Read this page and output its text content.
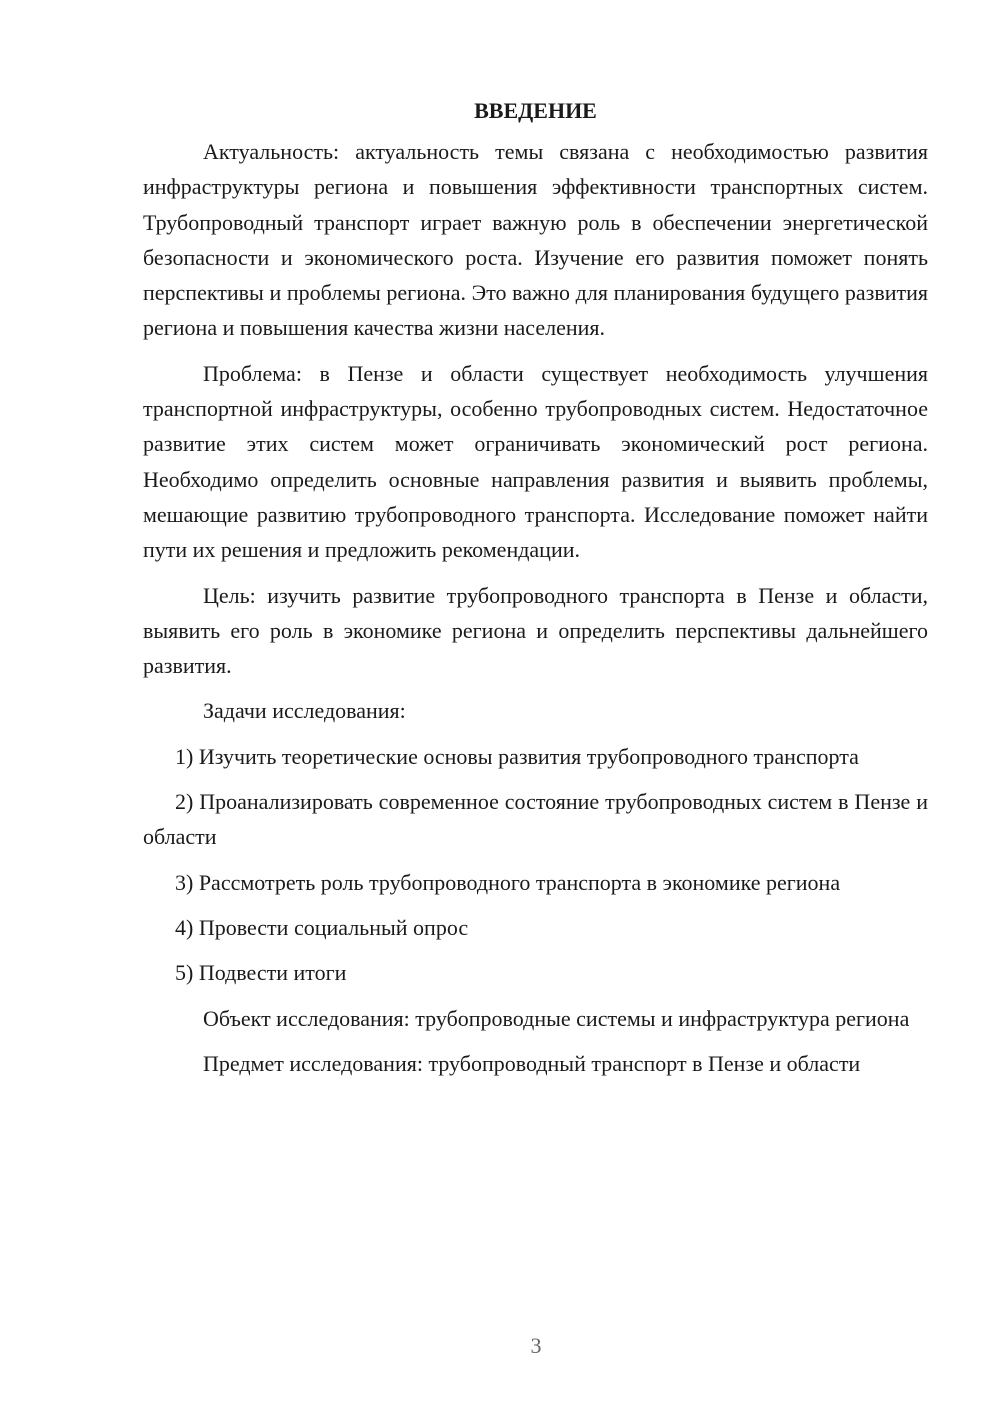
ВВЕДЕНИЕ

Актуальность: актуальность темы связана с необходимостью развития инфраструктуры региона и повышения эффективности транспортных систем. Трубопроводный транспорт играет важную роль в обеспечении энергетической безопасности и экономического роста. Изучение его развития поможет понять перспективы и проблемы региона. Это важно для планирования будущего развития региона и повышения качества жизни населения.

Проблема: в Пензе и области существует необходимость улучшения транспортной инфраструктуры, особенно трубопроводных систем. Недостаточное развитие этих систем может ограничивать экономический рост региона. Необходимо определить основные направления развития и выявить проблемы, мешающие развитию трубопроводного транспорта. Исследование поможет найти пути их решения и предложить рекомендации.

Цель: изучить развитие трубопроводного транспорта в Пензе и области, выявить его роль в экономике региона и определить перспективы дальнейшего развития.

Задачи исследования:

1) Изучить теоретические основы развития трубопроводного транспорта

2) Проанализировать современное состояние трубопроводных систем в Пензе и области

3) Рассмотреть роль трубопроводного транспорта в экономике региона

4) Провести социальный опрос

5) Подвести итоги

Объект исследования: трубопроводные системы и инфраструктура региона

Предмет исследования: трубопроводный транспорт в Пензе и области

3
